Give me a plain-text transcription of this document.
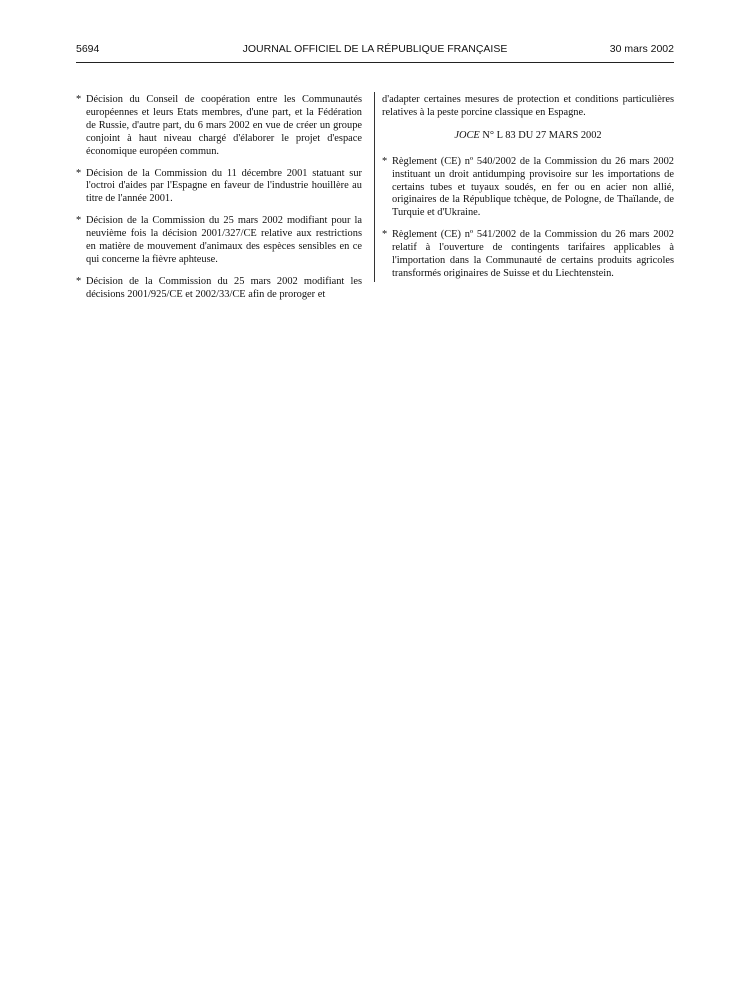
5694	JOURNAL OFFICIEL DE LA RÉPUBLIQUE FRANÇAISE	30 mars 2002
* Décision du Conseil de coopération entre les Communautés européennes et leurs Etats membres, d'une part, et la Fédération de Russie, d'autre part, du 6 mars 2002 en vue de créer un groupe conjoint à haut niveau chargé d'élaborer le projet d'espace économique européen commun.
* Décision de la Commission du 11 décembre 2001 statuant sur l'octroi d'aides par l'Espagne en faveur de l'industrie houillère au titre de l'année 2001.
* Décision de la Commission du 25 mars 2002 modifiant pour la neuvième fois la décision 2001/327/CE relative aux restrictions en matière de mouvement d'animaux des espèces sensibles en ce qui concerne la fièvre aphteuse.
* Décision de la Commission du 25 mars 2002 modifiant les décisions 2001/925/CE et 2002/33/CE afin de proroger et
d'adapter certaines mesures de protection et conditions particulières relatives à la peste porcine classique en Espagne.
JOCE N° L 83 DU 27 MARS 2002
* Règlement (CE) nº 540/2002 de la Commission du 26 mars 2002 instituant un droit antidumping provisoire sur les importations de certains tubes et tuyaux soudés, en fer ou en acier non allié, originaires de la République tchèque, de Pologne, de Thaïlande, de Turquie et d'Ukraine.
* Règlement (CE) nº 541/2002 de la Commission du 26 mars 2002 relatif à l'ouverture de contingents tarifaires applicables à l'importation dans la Communauté de certains produits agricoles transformés originaires de Suisse et du Liechtenstein.
